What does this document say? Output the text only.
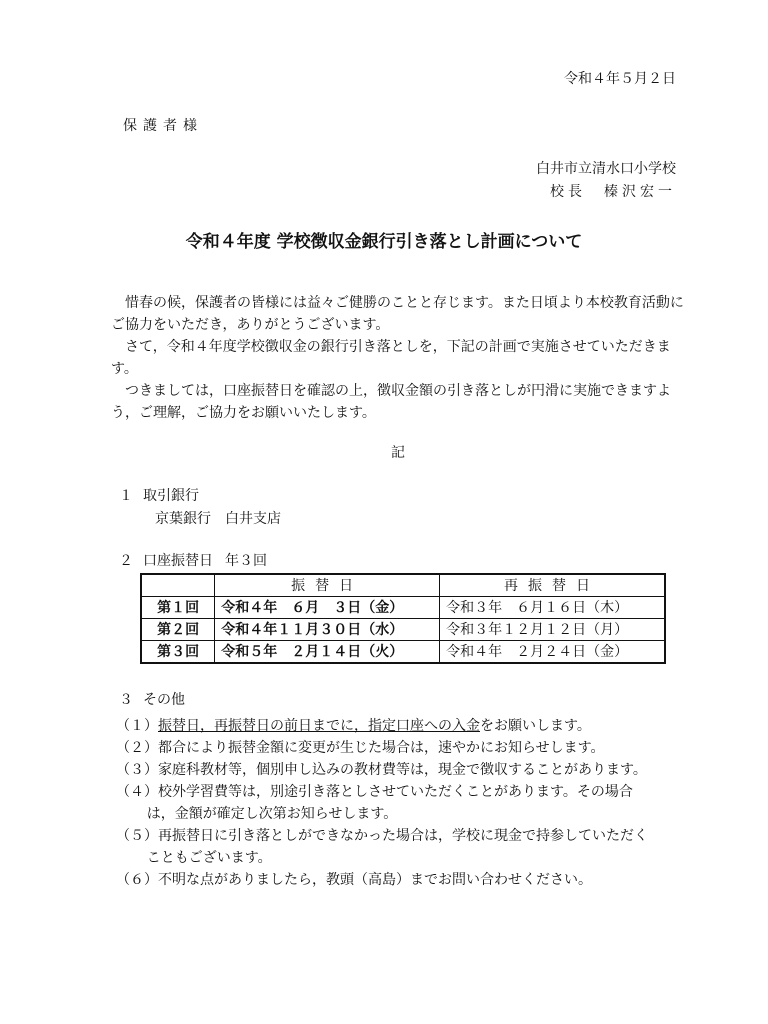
令和４年５月２日
保護者様
白井市立清水口小学校
校長　榛沢宏一
令和４年度 学校徴収金銀行引き落とし計画について

惜春の候，保護者の皆様には益々ご健勝のことと存じます。また日頃より本校教育活動にご協力をいただき，ありがとうございます。

さて，令和４年度学校徴収金の銀行引き落としを，下記の計画で実施させていただきます。

つきましては，口座振替日を確認の上，徴収金額の引き落としが円滑に実施できますよう，ご理解，ご協力をお願いいたします。

記
１ 取引銀行
京葉銀行　白井支店
２ 口座振替日 年３回
	振替日	再振替日
第１回	令和４年　６月　３日（金）	令和３年　６月１６日（木）
第２回	令和４年１１月３０日（水）	令和３年１２月１２日（月）
第３回	令和５年　２月１４日（火）	令和４年　２月２４日（金）
３ その他
（１）振替日，再振替日の前日までに，指定口座への入金をお願いします。
（２）都合により振替金額に変更が生じた場合は，速やかにお知らせします。
（３）家庭科教材等，個別申し込みの教材費等は，現金で徴収することがあります。
（４）校外学習費等は，別途引き落としさせていただくことがあります。その場合
は，金額が確定し次第お知らせします。
（５）再振替日に引き落としができなかった場合は，学校に現金で持参していただく
こともございます。
（６）不明な点がありましたら，教頭（高島）までお問い合わせください。
